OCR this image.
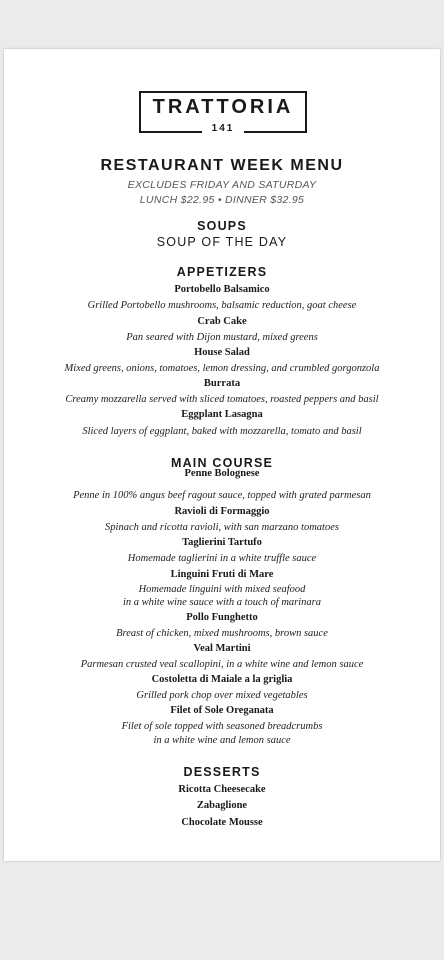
TRATTORIA
141
RESTAURANT WEEK MENU
EXCLUDES FRIDAY AND SATURDAY
LUNCH $22.95 • DINNER $32.95
SOUPS
SOUP OF THE DAY
APPETIZERS
Portobello Balsamico
Grilled Portobello mushrooms, balsamic reduction, goat cheese
Crab Cake
Pan seared with Dijon mustard, mixed greens
House Salad
Mixed greens, onions, tomatoes, lemon dressing, and crumbled gorgonzola
Burrata
Creamy mozzarella served with sliced tomatoes, roasted peppers and basil
Eggplant Lasagna
Sliced layers of eggplant, baked with mozzarella, tomato and basil
MAIN COURSE
Penne Bolognese
Penne in 100% angus beef ragout sauce, topped with grated parmesan
Ravioli di Formaggio
Spinach and ricotta ravioli, with san marzano tomatoes
Taglierini Tartufo
Homemade taglierini in a white truffle sauce
Linguini Fruti di Mare
Homemade linguini with mixed seafood
in a white wine sauce with a touch of marinara
Pollo Funghetto
Breast of chicken, mixed mushrooms, brown sauce
Veal Martini
Parmesan crusted veal scallopini, in a white wine and lemon sauce
Costoletta di Maiale a la griglia
Grilled pork chop over mixed vegetables
Filet of Sole Oreganata
Filet of sole topped with seasoned breadcrumbs
in a white wine and lemon sauce
DESSERTS
Ricotta Cheesecake
Zabaglione
Chocolate Mousse
